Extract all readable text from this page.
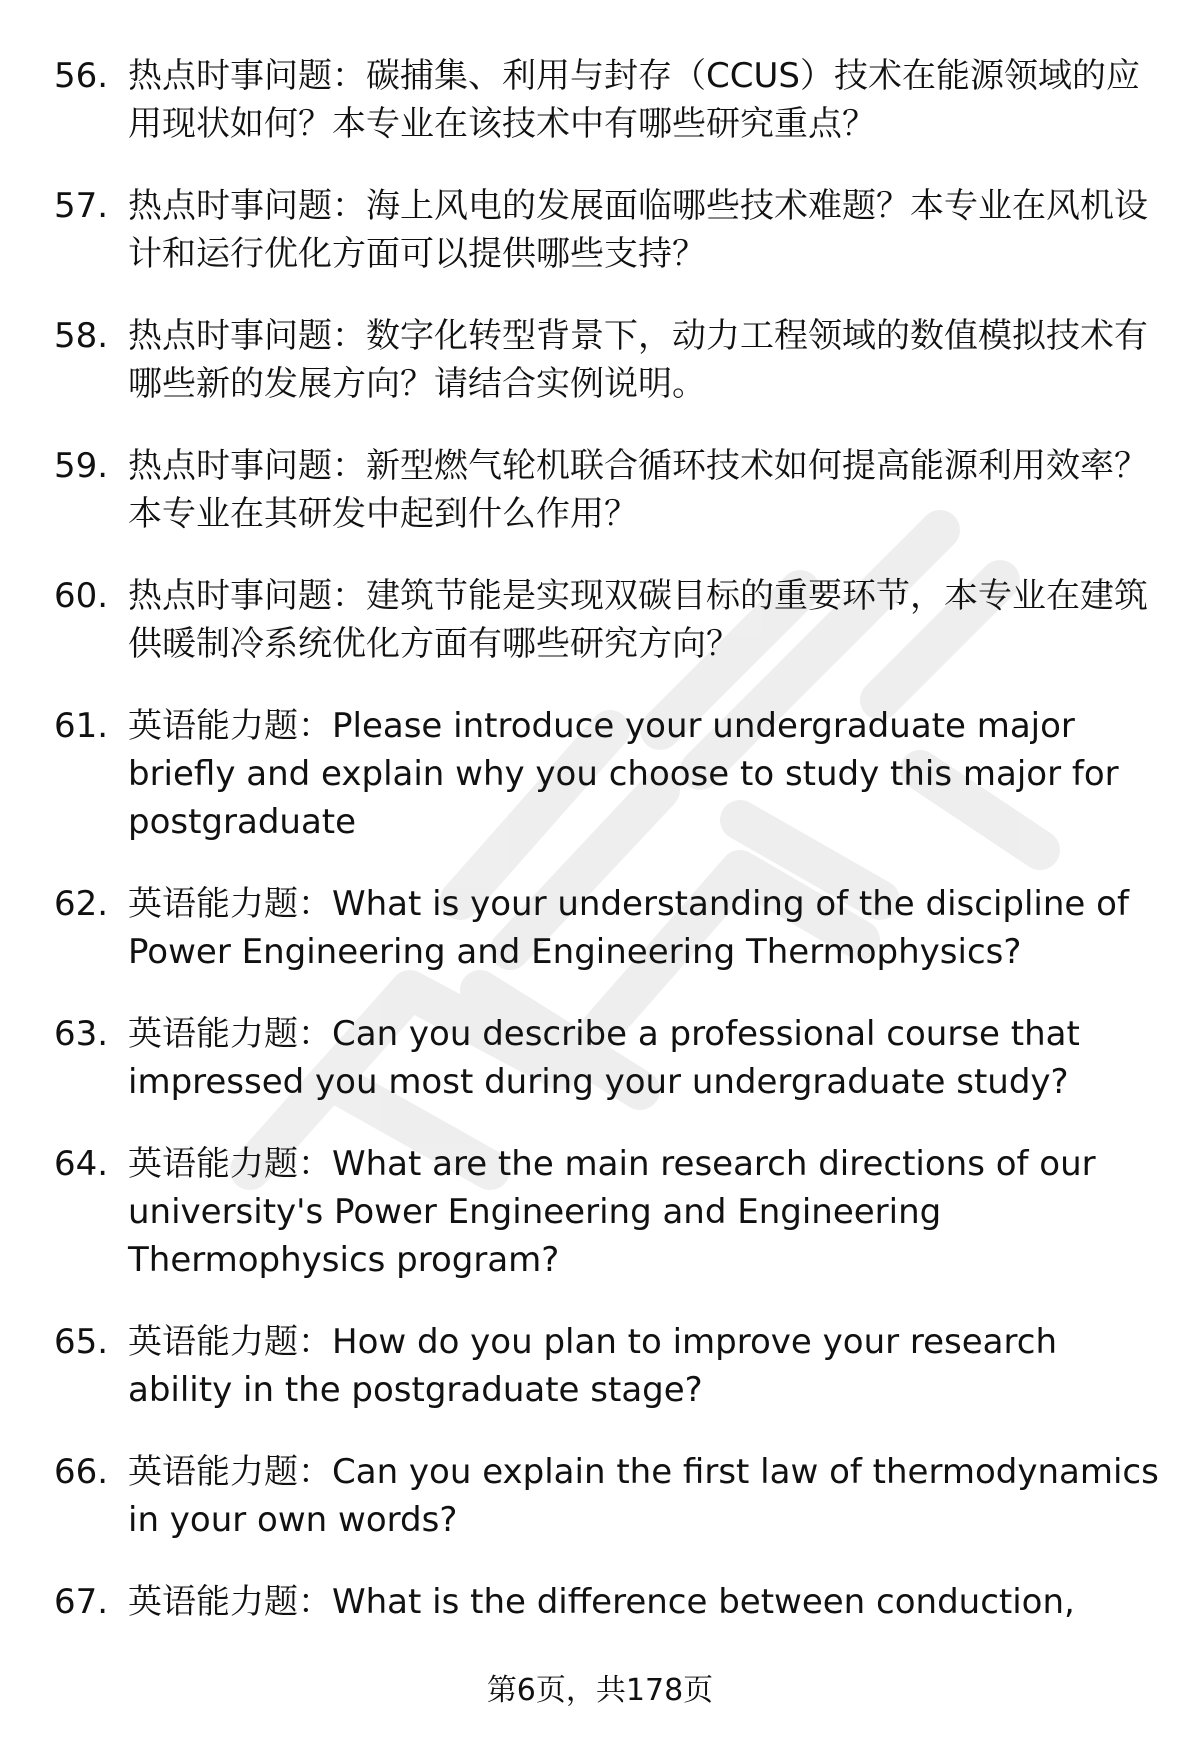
56. 热点时事问题：碳捕集、利用与封存（CCUS）技术在能源领域的应用现状如何？本专业在该技术中有哪些研究重点？
57. 热点时事问题：海上风电的发展面临哪些技术难题？本专业在风机设计和运行优化方面可以提供哪些支持？
58. 热点时事问题：数字化转型背景下，动力工程领域的数值模拟技术有哪些新的发展方向？请结合实例说明。
59. 热点时事问题：新型燃气轮机联合循环技术如何提高能源利用效率？本专业在其研发中起到什么作用？
60. 热点时事问题：建筑节能是实现双碳目标的重要环节，本专业在建筑供暖制冷系统优化方面有哪些研究方向？
61. 英语能力题：Please introduce your undergraduate major briefly and explain why you choose to study this major for postgraduate
62. 英语能力题：What is your understanding of the discipline of Power Engineering and Engineering Thermophysics?
63. 英语能力题：Can you describe a professional course that impressed you most during your undergraduate study?
64. 英语能力题：What are the main research directions of our university's Power Engineering and Engineering Thermophysics program?
65. 英语能力题：How do you plan to improve your research ability in the postgraduate stage?
66. 英语能力题：Can you explain the first law of thermodynamics in your own words?
67. 英语能力题：What is the difference between conduction,
第6页，共178页
